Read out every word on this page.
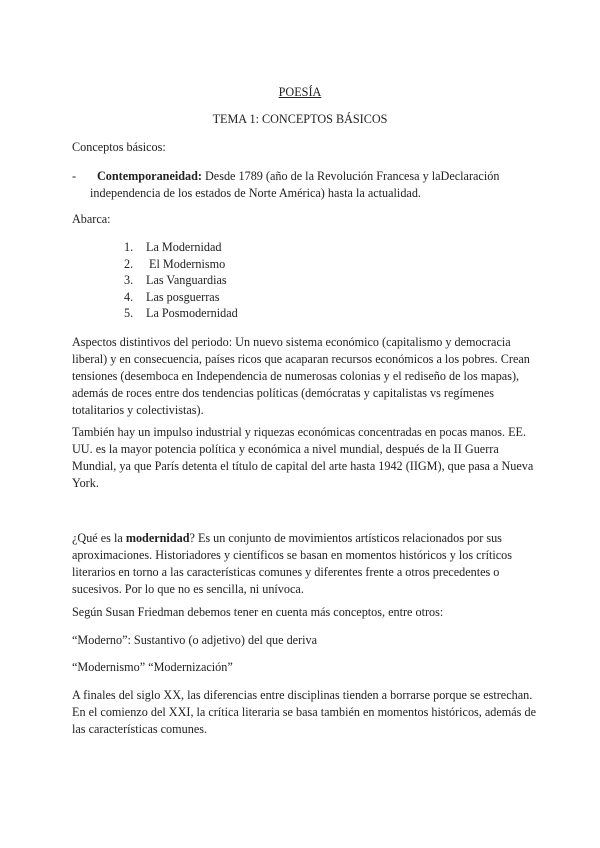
POESÍA
TEMA 1: CONCEPTOS BÁSICOS

Conceptos básicos:

-	Contemporaneidad: Desde 1789 (año de la Revolución Francesa y laDeclaración
independencia de los estados de Norte América) hasta la actualidad.

Abarca:

1. La Modernidad
2. El Modernismo
3. Las Vanguardias
4. Las posguerras
5. La Posmodernidad

Aspectos distintivos del periodo: Un nuevo sistema económico (capitalismo y democracia liberal) y en consecuencia, países ricos que acaparan recursos económicos a los pobres. Crean tensiones (desemboca en Independencia de numerosas colonias y el rediseño de los mapas), además de roces entre dos tendencias políticas (demócratas y capitalistas vs regímenes totalitarios y colectivistas).

También hay un impulso industrial y riquezas económicas concentradas en pocas manos. EE. UU. es la mayor potencia política y económica a nivel mundial, después de la II Guerra Mundial, ya que París detenta el título de capital del arte hasta 1942 (IIGM), que pasa a Nueva York.

¿Qué es la modernidad? Es un conjunto de movimientos artísticos relacionados por sus aproximaciones. Historiadores y científicos se basan en momentos históricos y los críticos literarios en torno a las características comunes y diferentes frente a otros precedentes o sucesivos. Por lo que no es sencilla, ni unívoca.

Según Susan Friedman debemos tener en cuenta más conceptos, entre otros:

“Moderno”: Sustantivo (o adjetivo) del que deriva

“Modernismo” “Modernización”

A finales del siglo XX, las diferencias entre disciplinas tienden a borrarse porque se estrechan. En el comienzo del XXI, la crítica literaria se basa también en momentos históricos, además de las características comunes.
